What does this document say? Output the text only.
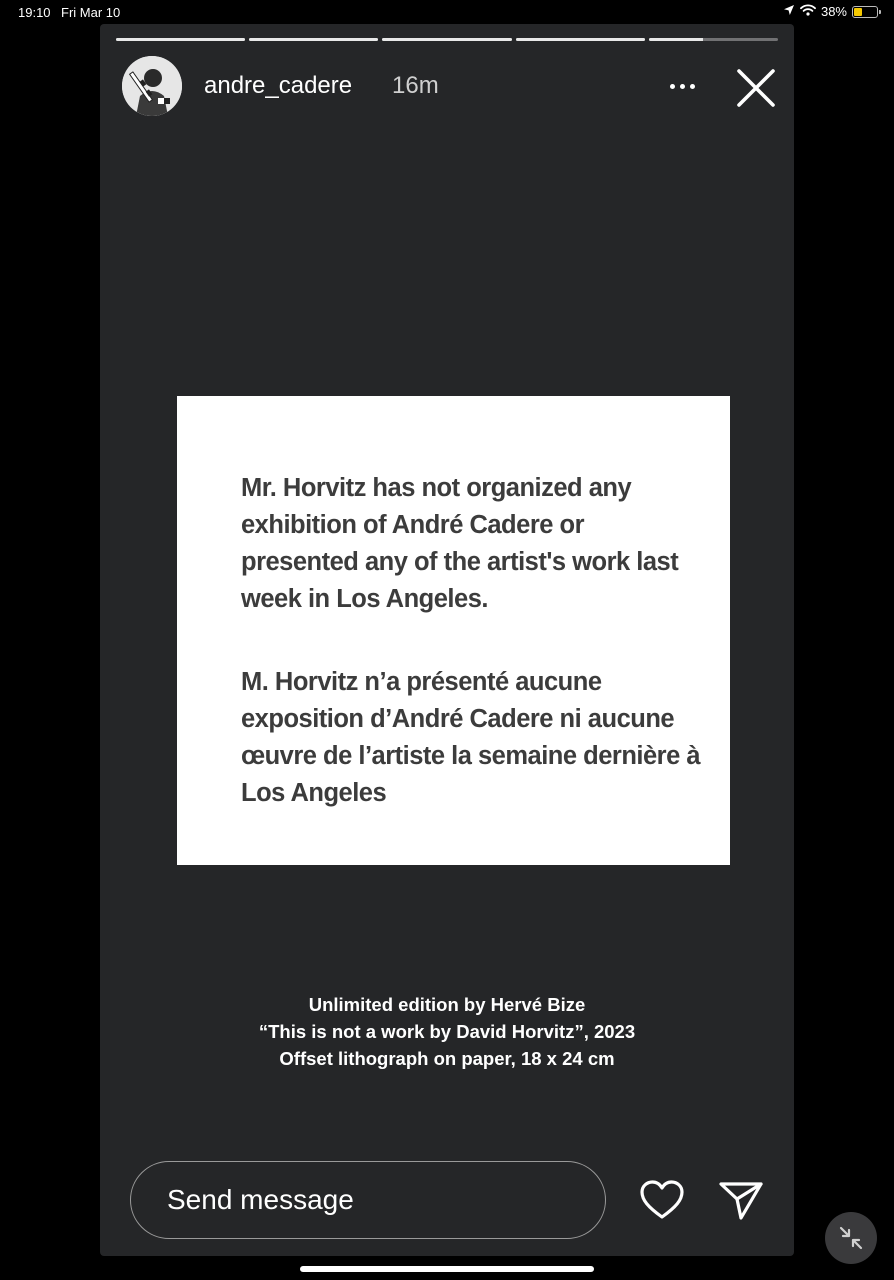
19:10 Fri Mar 10	38%
andre_cadere 16m
Mr. Horvitz has not organized any exhibition of André Cadere or presented any of the artist's work last week in Los Angeles.
M. Horvitz n’a présenté aucune exposition d’André Cadere ni aucune œuvre de l’artiste la semaine dernière à Los Angeles
Unlimited edition by Hervé Bize
“This is not a work by David Horvitz”, 2023
Offset lithograph on paper, 18 x 24 cm
Send message
